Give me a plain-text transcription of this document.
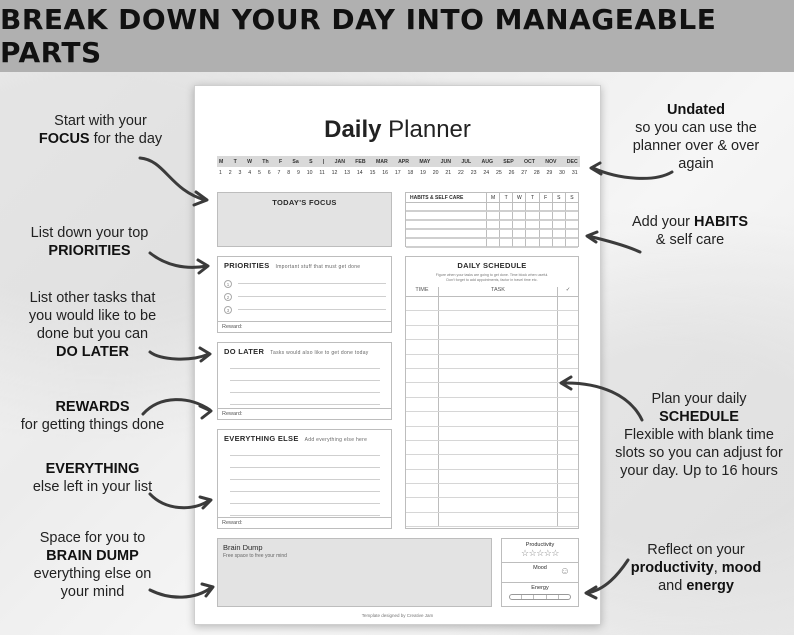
BREAK DOWN YOUR DAY INTO MANAGEABLE PARTS
Start with your
FOCUS for the day
List down your top
PRIORITIES
List other tasks that
you would like to be
done but you can
DO LATER
REWARDS
for getting things done
EVERYTHING
else left in your list
Space for you to
BRAIN DUMP
everything else on
your mind
Undated
so you can use the
planner over & over
again
Add your HABITS
& self care
Plan your daily
SCHEDULE
Flexible with blank time
slots so you can adjust for
your day. Up to 16 hours
Reflect on your
productivity, mood
and energy
Daily Planner
M T W Th F Sa S | JAN FEB MAR APR MAY JUN JUL AUG SEP OCT NOV DEC
1 2 3 4 5 6 7 8 9 10 11 12 13 14 15 16 17 18 19 20 21 22 23 24 25 26 27 28 29 30 31
TODAY'S FOCUS
HABITS & SELF CARE	M	T	W	T	F	S	S
PRIORITIES Important stuff that must get done
1
2
3
Reward:
DO LATER Tasks would also like to get done today
Reward:
EVERYTHING ELSE Add everything else here
Reward:
DAILY SCHEDULE
Figure when your tasks are going to get done. Time block when useful.
Don't forget to add appointments, factor in travel time etc.
TIME	TASK	✓
Brain Dump
Free space to free your mind
Productivity
☆☆☆☆☆
Mood	☺
Energy
Template designed by Creative Jam
